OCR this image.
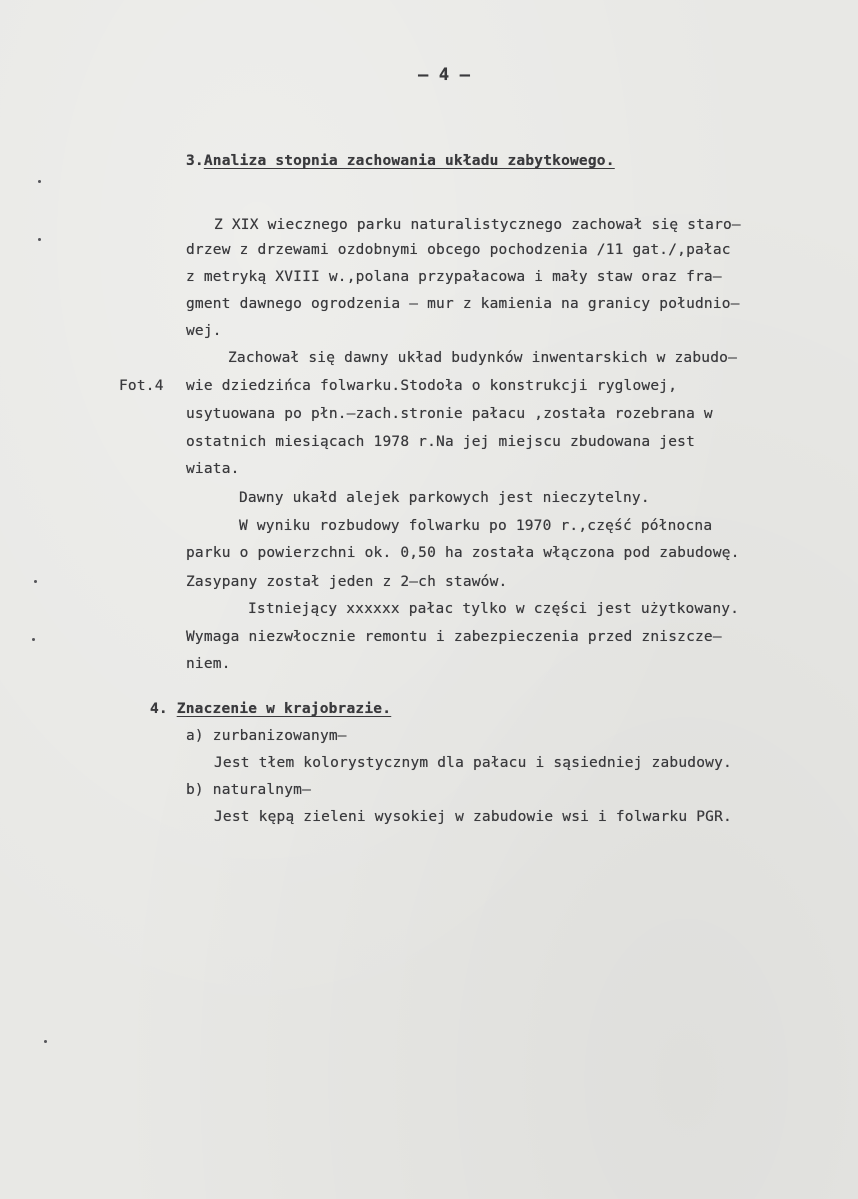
— 4 —
3.Analiza stopnia zachowania układu zabytkowego.
Z XIX wiecznego parku naturalistycznego zachował się staro—
drzew z drzewami ozdobnymi obcego pochodzenia /11 gat./,pałac
z metryką XVIII w.,polana przypałacowa i mały staw oraz fra—
gment dawnego ogrodzenia — mur z kamienia na granicy południo—
wej.
Zachował się dawny układ budynków inwentarskich w zabudo—
Fot.4 wie dziedzińca folwarku.Stodoła o konstrukcji ryglowej,
usytuowana po płn.—zach.stronie pałacu ,została rozebrana w
ostatnich miesiącach 1978 r.Na jej miejscu zbudowana jest
wiata.
Dawny ukałd alejek parkowych jest nieczytelny.
W wyniku rozbudowy folwarku po 1970 r.,część północna
parku o powierzchni ok. 0,50 ha została włączona pod zabudowę.
Zasypany został jeden z 2—ch stawów.
Istniejący xxxxxx pałac tylko w części jest użytkowany.
Wymaga niezwłocznie remontu i zabezpieczenia przed zniszcze—
niem.
4. Znaczenie w krajobrazie.
a) zurbanizowanym—
Jest tłem kolorystycznym dla pałacu i sąsiedniej zabudowy.
b) naturalnym—
Jest kępą zieleni wysokiej w zabudowie wsi i folwarku PGR.
